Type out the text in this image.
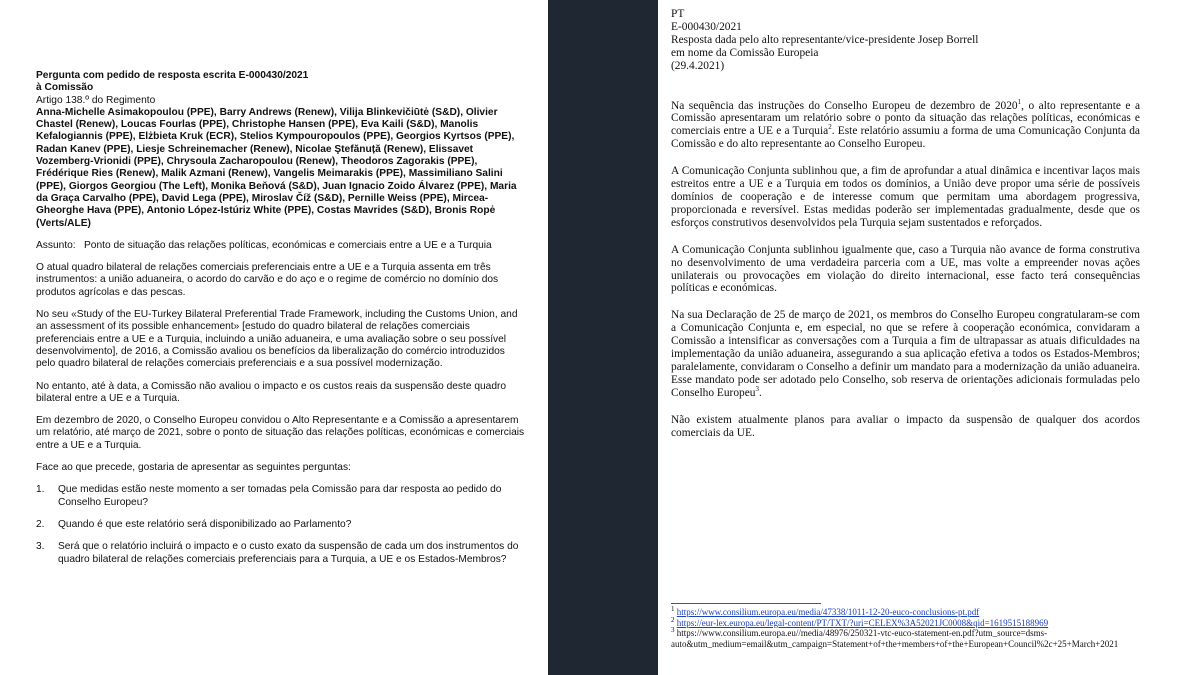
Pergunta com pedido de resposta escrita E-000430/2021
à Comissão
Artigo 138.º do Regimento
Anna-Michelle Asimakopoulou (PPE), Barry Andrews (Renew), Vilija Blinkevičiūtė (S&D), Olivier Chastel (Renew), Loucas Fourlas (PPE), Christophe Hansen (PPE), Eva Kaili (S&D), Manolis Kefalogiannis (PPE), Elżbieta Kruk (ECR), Stelios Kympouropoulos (PPE), Georgios Kyrtsos (PPE), Radan Kanev (PPE), Liesje Schreinemacher (Renew), Nicolae Ştefănuță (Renew), Elissavet Vozemberg-Vrionidi (PPE), Chrysoula Zacharopoulou (Renew), Theodoros Zagorakis (PPE), Frédérique Ries (Renew), Malik Azmani (Renew), Vangelis Meimarakis (PPE), Massimiliano Salini (PPE), Giorgos Georgiou (The Left), Monika Beňová (S&D), Juan Ignacio Zoido Álvarez (PPE), Maria da Graça Carvalho (PPE), David Lega (PPE), Miroslav Číž (S&D), Pernille Weiss (PPE), Mircea-Gheorghe Hava (PPE), Antonio López-Istúriz White (PPE), Costas Mavrides (S&D), Bronis Ropė (Verts/ALE)
Assunto: Ponto de situação das relações políticas, económicas e comerciais entre a UE e a Turquia

O atual quadro bilateral de relações comerciais preferenciais entre a UE e a Turquia assenta em três instrumentos: a união aduaneira, o acordo do carvão e do aço e o regime de comércio no domínio dos produtos agrícolas e das pescas.

No seu «Study of the EU-Turkey Bilateral Preferential Trade Framework, including the Customs Union, and an assessment of its possible enhancement» [estudo do quadro bilateral de relações comerciais preferenciais entre a UE e a Turquia, incluindo a união aduaneira, e uma avaliação sobre o seu possível desenvolvimento], de 2016, a Comissão avaliou os benefícios da liberalização do comércio introduzidos pelo quadro bilateral de relações comerciais preferenciais e a sua possível modernização.

No entanto, até à data, a Comissão não avaliou o impacto e os custos reais da suspensão deste quadro bilateral entre a UE e a Turquia.

Em dezembro de 2020, o Conselho Europeu convidou o Alto Representante e a Comissão a apresentarem um relatório, até março de 2021, sobre o ponto de situação das relações políticas, económicas e comerciais entre a UE e a Turquia.

Face ao que precede, gostaria de apresentar as seguintes perguntas:

1.	Que medidas estão neste momento a ser tomadas pela Comissão para dar resposta ao pedido do Conselho Europeu?
2.	Quando é que este relatório será disponibilizado ao Parlamento?
3.	Será que o relatório incluirá o impacto e o custo exato da suspensão de cada um dos instrumentos do quadro bilateral de relações comerciais preferenciais para a Turquia, a UE e os Estados-Membros?
PT
E-000430/2021
Resposta dada pelo alto representante/vice-presidente Josep Borrell
em nome da Comissão Europeia
(29.4.2021)

Na sequência das instruções do Conselho Europeu de dezembro de 2020$^1$, o alto representante e a Comissão apresentaram um relatório sobre o ponto da situação das relações políticas, económicas e comerciais entre a UE e a Turquia$^2$. Este relatório assumiu a forma de uma Comunicação Conjunta da Comissão e do alto representante ao Conselho Europeu.

A Comunicação Conjunta sublinhou que, a fim de aprofundar a atual dinâmica e incentivar laços mais estreitos entre a UE e a Turquia em todos os domínios, a União deve propor uma série de possíveis domínios de cooperação e de interesse comum que permitam uma abordagem progressiva, proporcionada e reversível. Estas medidas poderão ser implementadas gradualmente, desde que os esforços construtivos desenvolvidos pela Turquia sejam sustentados e reforçados.

A Comunicação Conjunta sublinhou igualmente que, caso a Turquia não avance de forma construtiva no desenvolvimento de uma verdadeira parceria com a UE, mas volte a empreender novas ações unilaterais ou provocações em violação do direito internacional, esse facto terá consequências políticas e económicas.

Na sua Declaração de 25 de março de 2021, os membros do Conselho Europeu congratularam-se com a Comunicação Conjunta e, em especial, no que se refere à cooperação económica, convidaram a Comissão a intensificar as conversações com a Turquia a fim de ultrapassar as atuais dificuldades na implementação da união aduaneira, assegurando a sua aplicação efetiva a todos os Estados-Membros; paralelamente, convidaram o Conselho a definir um mandato para a modernização da união aduaneira. Esse mandato pode ser adotado pelo Conselho, sob reserva de orientações adicionais formuladas pelo Conselho Europeu$^3$.

Não existem atualmente planos para avaliar o impacto da suspensão de qualquer dos acordos comerciais da UE.

$^1$ https://www.consilium.europa.eu/media/47338/1011-12-20-euco-conclusions-pt.pdf
$^2$ https://eur-lex.europa.eu/legal-content/PT/TXT/?uri=CELEX%3A52021JC0008&qid=1619515188969
$^3$ https://www.consilium.europa.eu//media/48976/250321-vtc-euco-statement-en.pdf?utm_source=dsms-auto&utm_medium=email&utm_campaign=Statement+of+the+members+of+the+European+Council%2c+25+March+2021
